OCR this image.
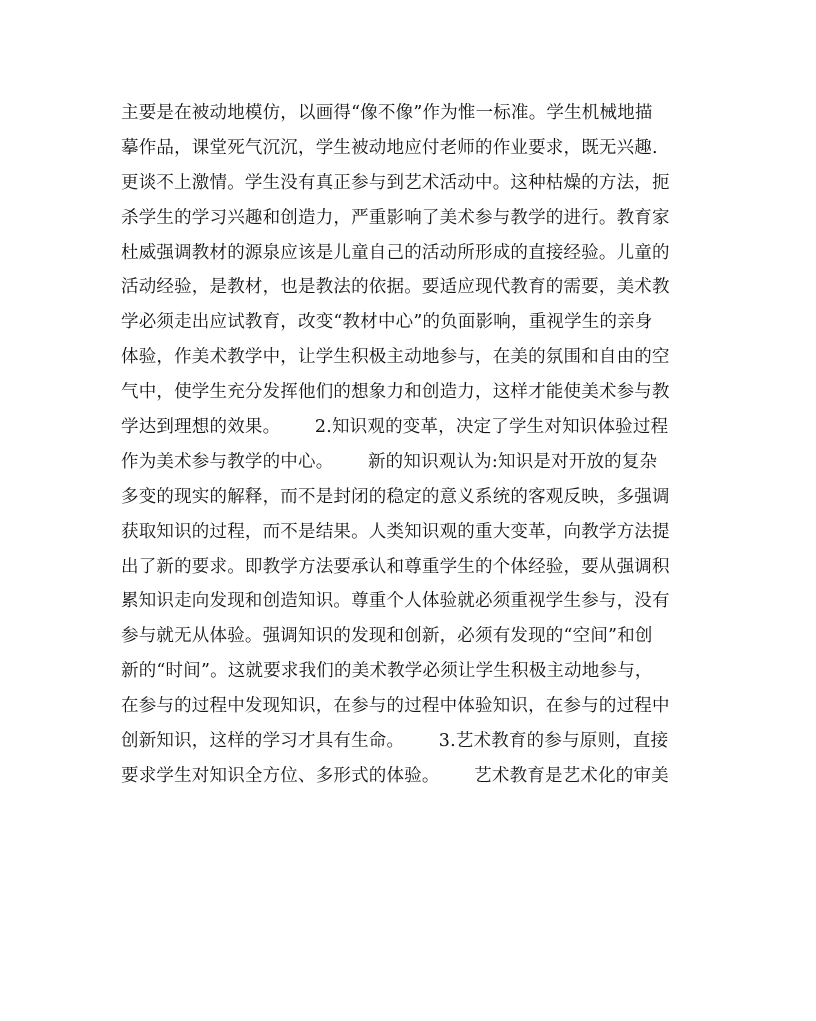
主要是在被动地模仿，以画得“像不像”作为惟一标准。学生机械地描
摹作品，课堂死气沉沉，学生被动地应付老师的作业要求，既无兴趣.
更谈不上激情。学生没有真正参与到艺术活动中。这种枯燥的方法，扼
杀学生的学习兴趣和创造力，严重影响了美术参与教学的进行。教育家
杜威强调教材的源泉应该是儿童自己的活动所形成的直接经验。儿童的
活动经验，是教材，也是教法的依据。要适应现代教育的需要，美术教
学必须走出应试教育，改变“教材中心”的负面影响，重视学生的亲身
体验，作美术教学中，让学生积极主动地参与，在美的氛围和自由的空
气中，使学生充分发挥他们的想象力和创造力，这样才能使美术参与教
学达到理想的效果。      2.知识观的变革，决定了学生对知识体验过程
作为美术参与教学的中心。      新的知识观认为:知识是对开放的复杂
多变的现实的解释，而不是封闭的稳定的意义系统的客观反映，多强调
获取知识的过程，而不是结果。人类知识观的重大变革，向教学方法提
出了新的要求。即教学方法要承认和尊重学生的个体经验，要从强调积
累知识走向发现和创造知识。尊重个人体验就必须重视学生参与，没有
参与就无从体验。强调知识的发现和创新，必须有发现的“空间”和创
新的“时间”。这就要求我们的美术教学必须让学生积极主动地参与，
在参与的过程中发现知识，在参与的过程中体验知识，在参与的过程中
创新知识，这样的学习才具有生命。      3.艺术教育的参与原则，直接
要求学生对知识全方位、多形式的体验。      艺术教育是艺术化的审美
